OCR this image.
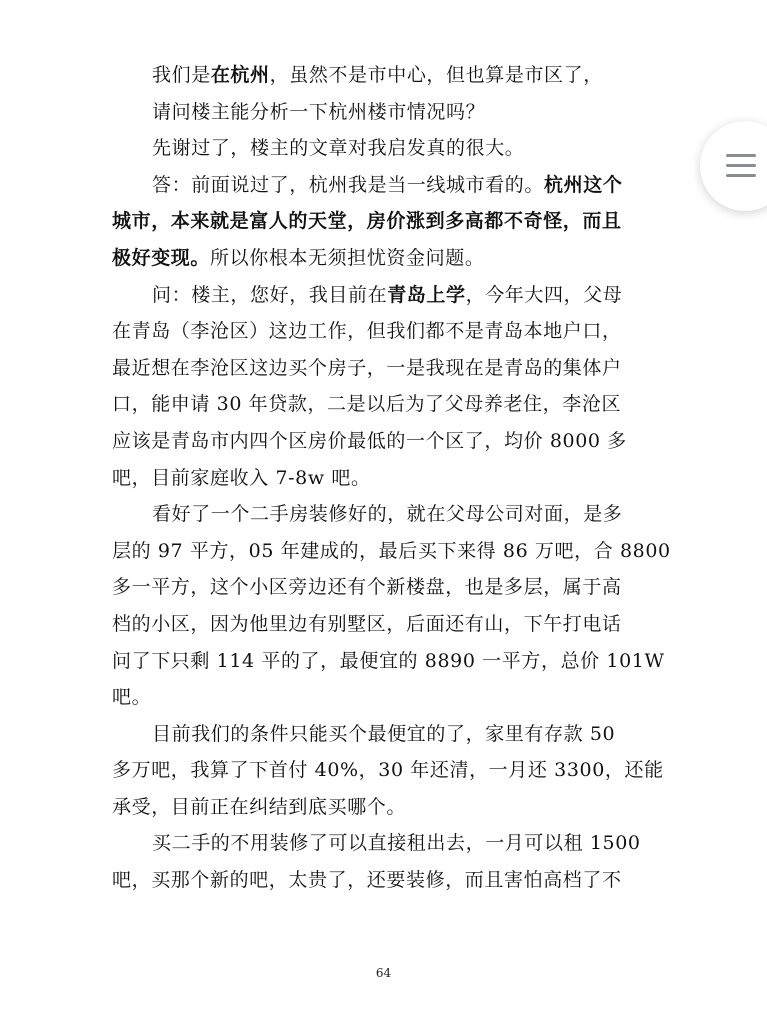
我们是在杭州，虽然不是市中心，但也算是市区了，
请问楼主能分析一下杭州楼市情况吗？
先谢过了，楼主的文章对我启发真的很大。
答：前面说过了，杭州我是当一线城市看的。杭州这个
城市，本来就是富人的天堂，房价涨到多高都不奇怪，而且
极好变现。所以你根本无须担忧资金问题。
问：楼主，您好，我目前在青岛上学，今年大四，父母
在青岛（李沧区）这边工作，但我们都不是青岛本地户口，
最近想在李沧区这边买个房子，一是我现在是青岛的集体户
口，能申请 30 年贷款，二是以后为了父母养老住，李沧区
应该是青岛市内四个区房价最低的一个区了，均价 8000 多
吧，目前家庭收入 7-8w 吧。
看好了一个二手房装修好的，就在父母公司对面，是多
层的 97 平方，05 年建成的，最后买下来得 86 万吧，合 8800
多一平方，这个小区旁边还有个新楼盘，也是多层，属于高
档的小区，因为他里边有别墅区，后面还有山，下午打电话
问了下只剩 114 平的了，最便宜的 8890 一平方，总价 101W
吧。
目前我们的条件只能买个最便宜的了，家里有存款 50
多万吧，我算了下首付 40%，30 年还清，一月还 3300，还能
承受，目前正在纠结到底买哪个。
买二手的不用装修了可以直接租出去，一月可以租 1500
吧，买那个新的吧，太贵了，还要装修，而且害怕高档了不
64
